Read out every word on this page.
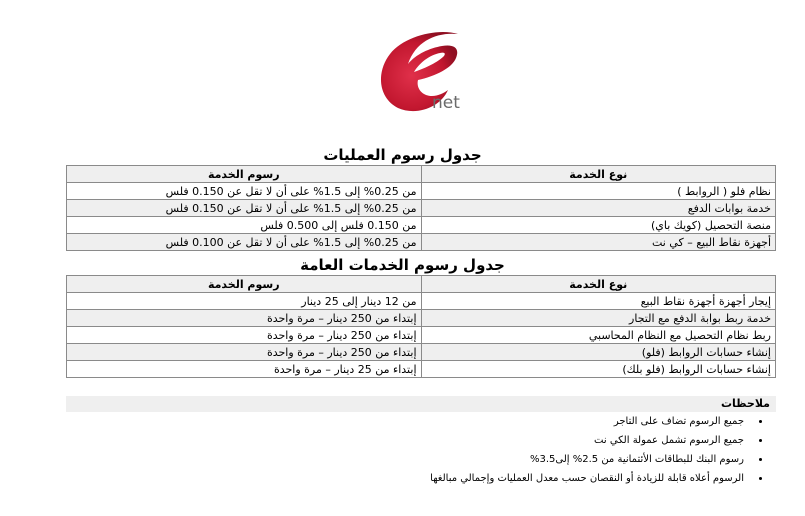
net
جدول رسوم العمليات
نوع الخدمة	رسوم الخدمة
نظام فلو ( الروابط )	من 0.25% إلى 1.5% على أن لا تقل عن 0.150 فلس
خدمة بوابات الدفع	من 0.25% إلى 1.5% على أن لا تقل عن 0.150 فلس
منصة التحصيل (كويك باي)	من 0.150 فلس إلى 0.500 فلس
أجهزة نقاط البيع – كي نت	من 0.25% إلى 1.5% على أن لا تقل عن 0.100 فلس
جدول رسوم الخدمات العامة
نوع الخدمة	رسوم الخدمة
إيجار أجهزة أجهزة نقاط البيع	من 12 دينار إلى 25 دينار
خدمة ربط بوابة الدفع مع التجار	إبتداء من 250 دينار – مرة واحدة
ربط نظام التحصيل مع النظام المحاسبي	إبتداء من 250 دينار – مرة واحدة
إنشاء حسابات الروابط (فلو)	إبتداء من 250 دينار – مرة واحدة
إنشاء حسابات الروابط (فلو بلك)	إبتداء من 25 دينار – مرة واحدة
ملاحظات
• جميع الرسوم تضاف على التاجر
• جميع الرسوم تشمل عمولة الكي نت
• رسوم البنك للبطاقات الأئتمانية من 2.5% إلى3.5%
• الرسوم أعلاه قابلة للزيادة أو النقصان حسب معدل العمليات وإجمالي مبالغها
